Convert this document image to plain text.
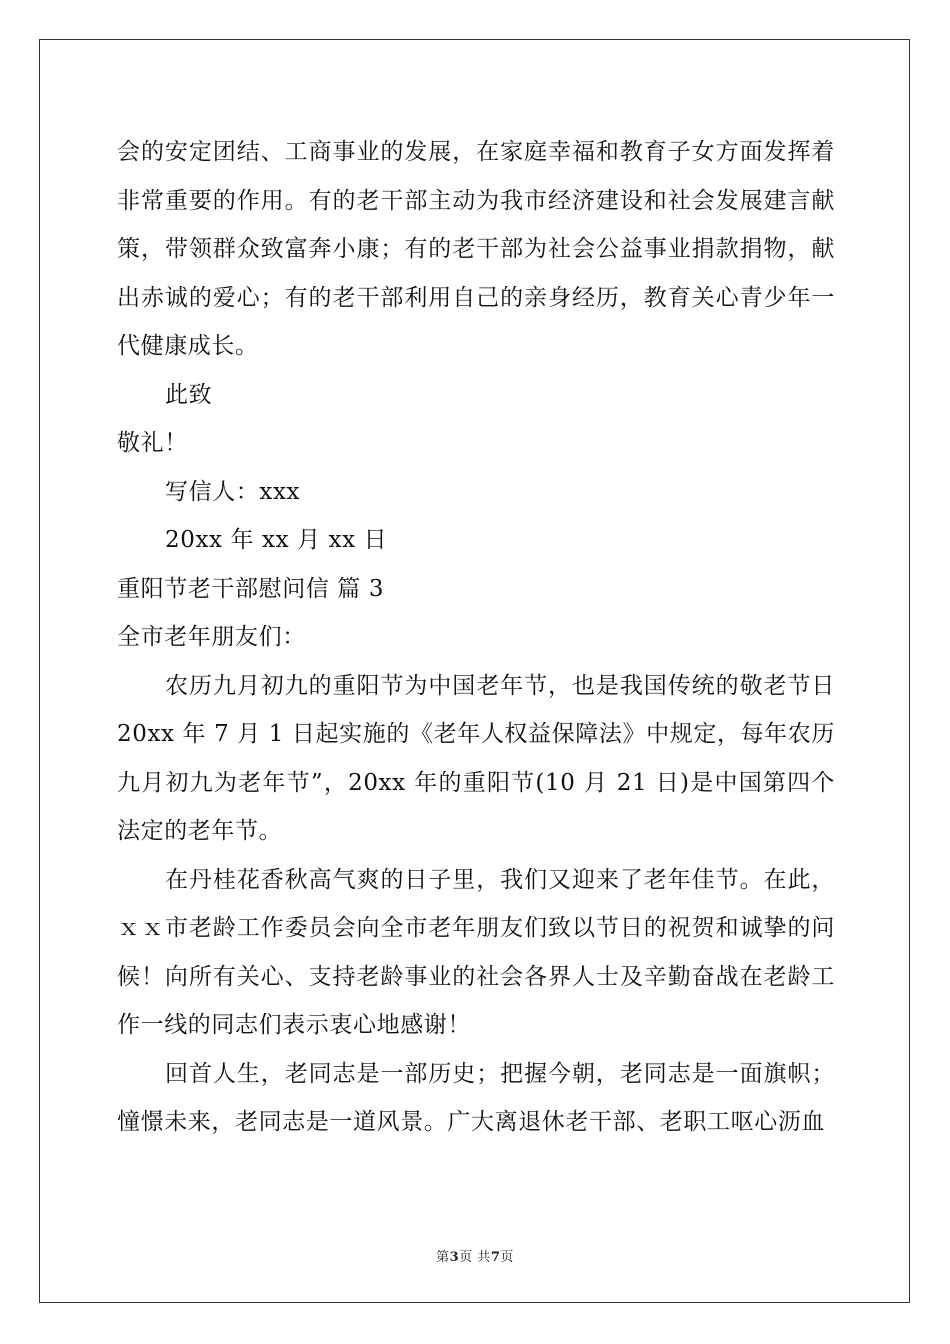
会的安定团结、工商事业的发展，在家庭幸福和教育子女方面发挥着非常重要的作用。有的老干部主动为我市经济建设和社会发展建言献策，带领群众致富奔小康；有的老干部为社会公益事业捐款捐物，献出赤诚的爱心；有的老干部利用自己的亲身经历，教育关心青少年一代健康成长。

此致

敬礼！

写信人：xxx

20xx 年 xx 月 xx 日

重阳节老干部慰问信 篇 3

全市老年朋友们：

农历九月初九的重阳节为中国老年节，也是我国传统的敬老节日 20xx 年 7 月 1 日起实施的《老年人权益保障法》中规定，每年农历九月初九为老年节”，20xx 年的重阳节(10 月 21 日)是中国第四个法定的老年节。

在丹桂花香秋高气爽的日子里，我们又迎来了老年佳节。在此，ｘｘ市老龄工作委员会向全市老年朋友们致以节日的祝贺和诚挚的问候！向所有关心、支持老龄事业的社会各界人士及辛勤奋战在老龄工作一线的同志们表示衷心地感谢！

回首人生，老同志是一部历史；把握今朝，老同志是一面旗帜；憧憬未来，老同志是一道风景。广大离退休老干部、老职工呕心沥血

第3页 共7页
